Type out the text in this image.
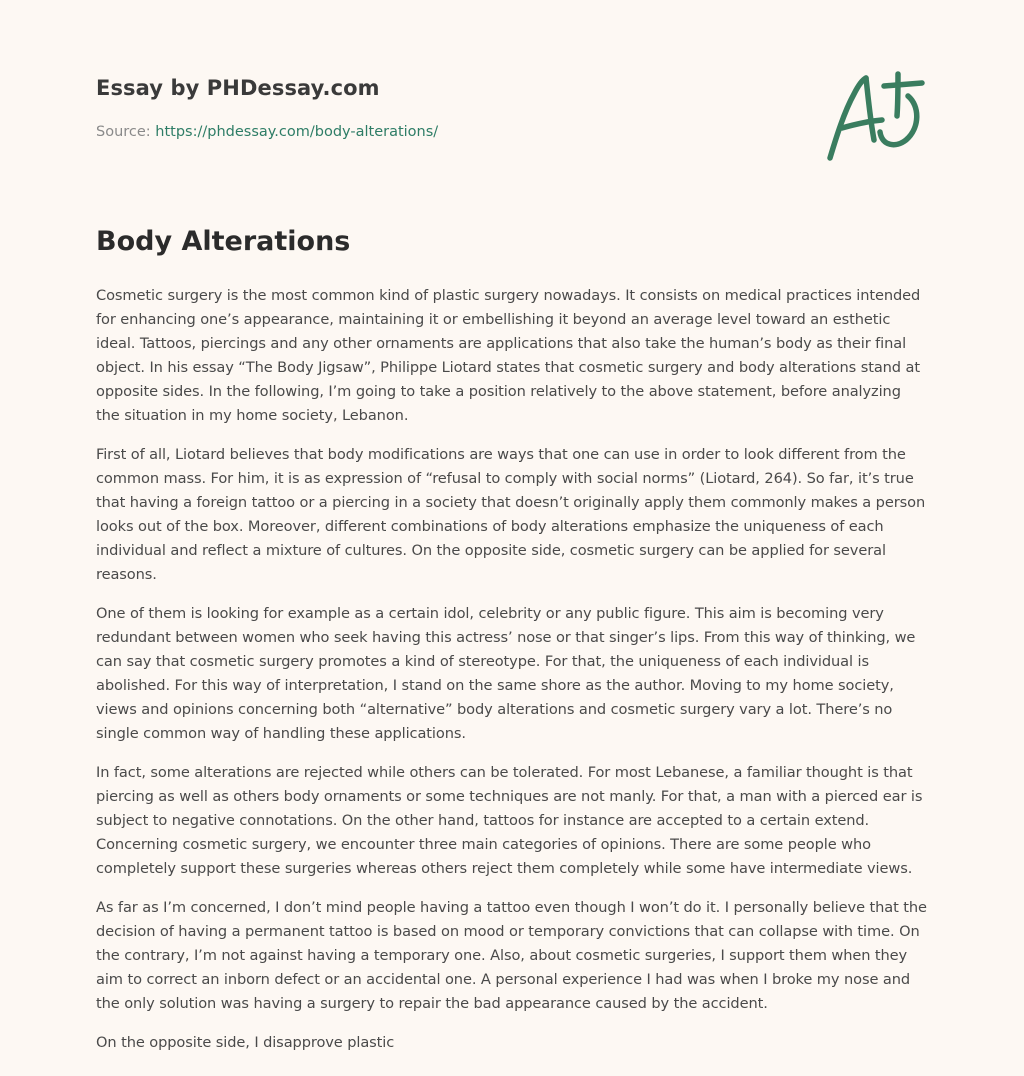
Essay by PHDessay.com
Source: https://phdessay.com/body-alterations/
Body Alterations

Cosmetic surgery is the most common kind of plastic surgery nowadays. It consists on medical practices intended for enhancing one’s appearance, maintaining it or embellishing it beyond an average level toward an esthetic ideal. Tattoos, piercings and any other ornaments are applications that also take the human’s body as their final object. In his essay “The Body Jigsaw”, Philippe Liotard states that cosmetic surgery and body alterations stand at opposite sides. In the following, I’m going to take a position relatively to the above statement, before analyzing the situation in my home society, Lebanon.

First of all, Liotard believes that body modifications are ways that one can use in order to look different from the common mass. For him, it is as expression of “refusal to comply with social norms” (Liotard, 264). So far, it’s true that having a foreign tattoo or a piercing in a society that doesn’t originally apply them commonly makes a person looks out of the box. Moreover, different combinations of body alterations emphasize the uniqueness of each individual and reflect a mixture of cultures. On the opposite side, cosmetic surgery can be applied for several reasons.

One of them is looking for example as a certain idol, celebrity or any public figure. This aim is becoming very redundant between women who seek having this actress’ nose or that singer’s lips. From this way of thinking, we can say that cosmetic surgery promotes a kind of stereotype. For that, the uniqueness of each individual is abolished. For this way of interpretation, I stand on the same shore as the author. Moving to my home society, views and opinions concerning both “alternative” body alterations and cosmetic surgery vary a lot. There’s no single common way of handling these applications.

In fact, some alterations are rejected while others can be tolerated. For most Lebanese, a familiar thought is that piercing as well as others body ornaments or some techniques are not manly. For that, a man with a pierced ear is subject to negative connotations. On the other hand, tattoos for instance are accepted to a certain extend. Concerning cosmetic surgery, we encounter three main categories of opinions. There are some people who completely support these surgeries whereas others reject them completely while some have intermediate views.

As far as I’m concerned, I don’t mind people having a tattoo even though I won’t do it. I personally believe that the decision of having a permanent tattoo is based on mood or temporary convictions that can collapse with time. On the contrary, I’m not against having a temporary one. Also, about cosmetic surgeries, I support them when they aim to correct an inborn defect or an accidental one. A personal experience I had was when I broke my nose and the only solution was having a surgery to repair the bad appearance caused by the accident.

On the opposite side, I disapprove plastic
